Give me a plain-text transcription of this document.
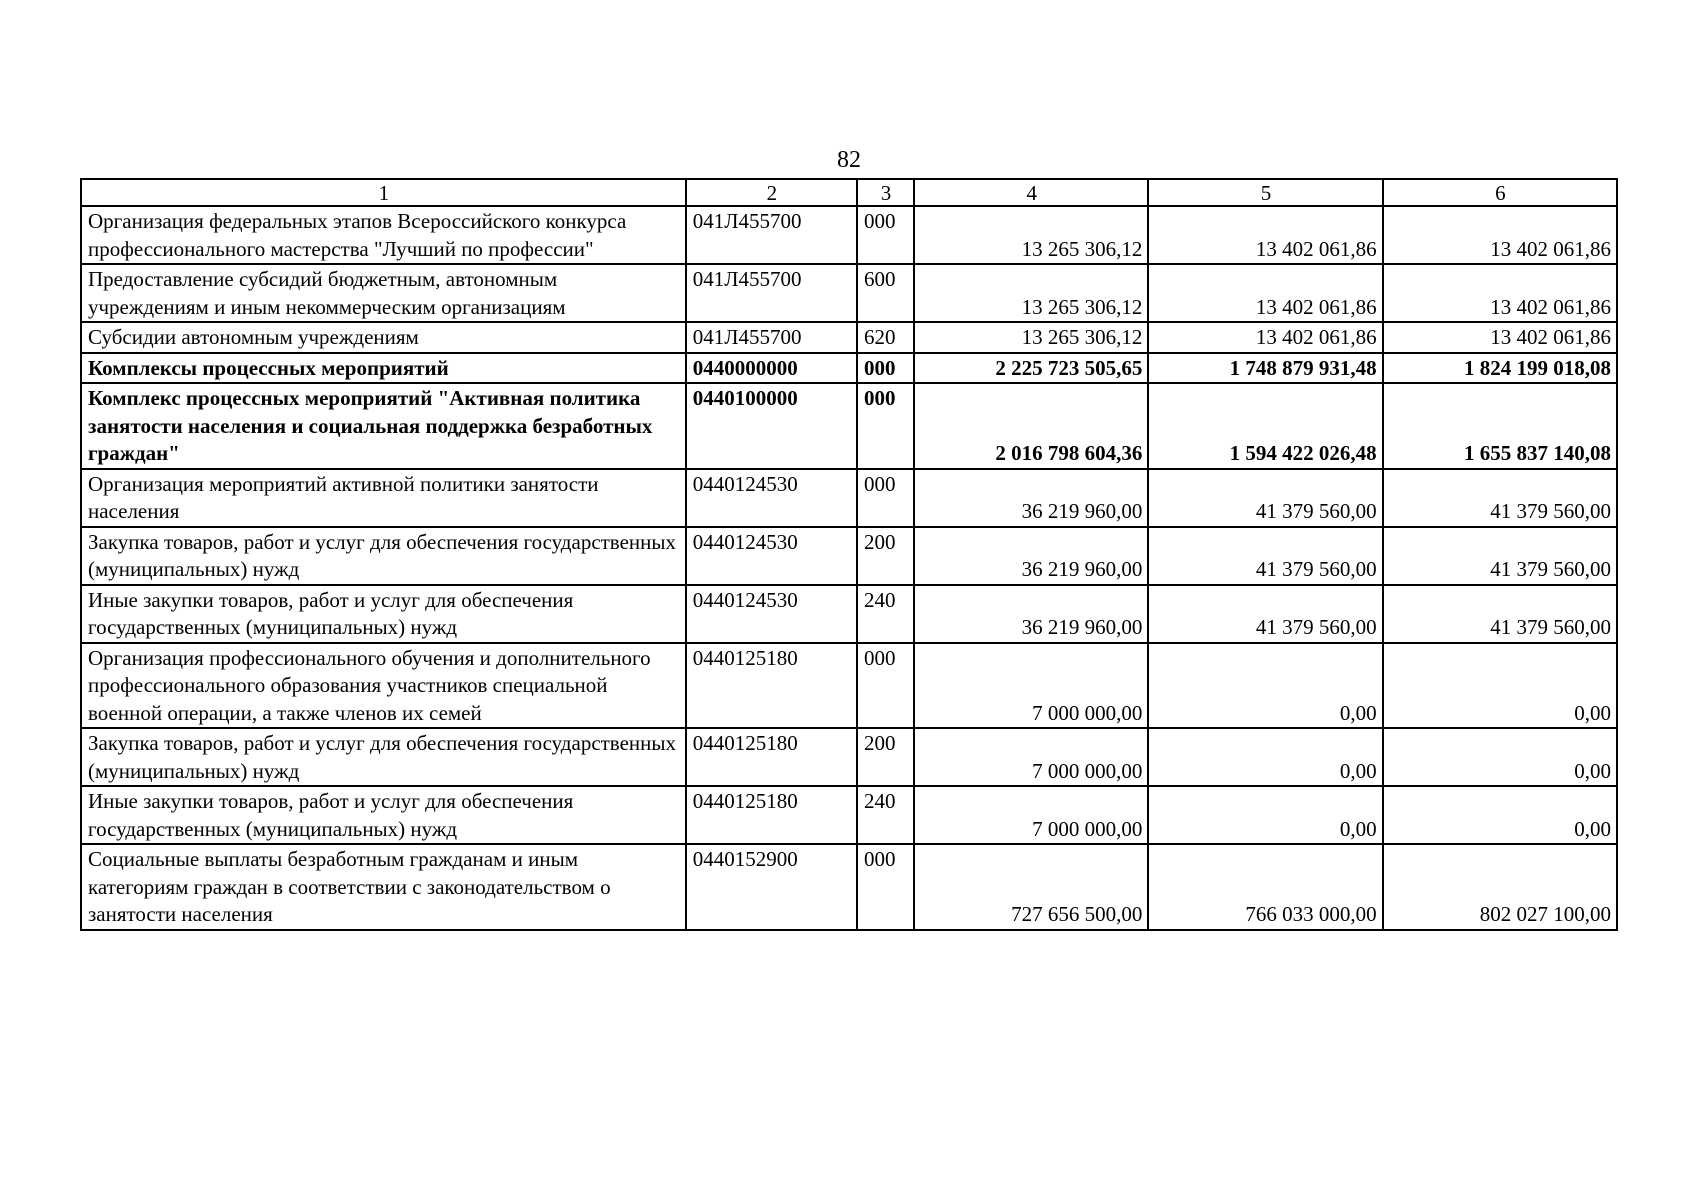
82
1	2	3	4	5	6
Организация федеральных этапов Всероссийского конкурса профессионального мастерства "Лучший по профессии"	041Л455700	000	13 265 306,12	13 402 061,86	13 402 061,86
Предоставление субсидий бюджетным, автономным учреждениям и иным некоммерческим организациям	041Л455700	600	13 265 306,12	13 402 061,86	13 402 061,86
Субсидии автономным учреждениям	041Л455700	620	13 265 306,12	13 402 061,86	13 402 061,86
Комплексы процессных мероприятий	0440000000	000	2 225 723 505,65	1 748 879 931,48	1 824 199 018,08
Комплекс процессных мероприятий "Активная политика занятости населения и социальная поддержка безработных граждан"	0440100000	000	2 016 798 604,36	1 594 422 026,48	1 655 837 140,08
Организация мероприятий активной политики занятости населения	0440124530	000	36 219 960,00	41 379 560,00	41 379 560,00
Закупка товаров, работ и услуг для обеспечения государственных (муниципальных) нужд	0440124530	200	36 219 960,00	41 379 560,00	41 379 560,00
Иные закупки товаров, работ и услуг для обеспечения государственных (муниципальных) нужд	0440124530	240	36 219 960,00	41 379 560,00	41 379 560,00
Организация профессионального обучения и дополнительного профессионального образования участников специальной военной операции, а также членов их семей	0440125180	000	7 000 000,00	0,00	0,00
Закупка товаров, работ и услуг для обеспечения государственных (муниципальных) нужд	0440125180	200	7 000 000,00	0,00	0,00
Иные закупки товаров, работ и услуг для обеспечения государственных (муниципальных) нужд	0440125180	240	7 000 000,00	0,00	0,00
Социальные выплаты безработным гражданам и иным категориям граждан в соответствии с законодательством о занятости населения	0440152900	000	727 656 500,00	766 033 000,00	802 027 100,00
